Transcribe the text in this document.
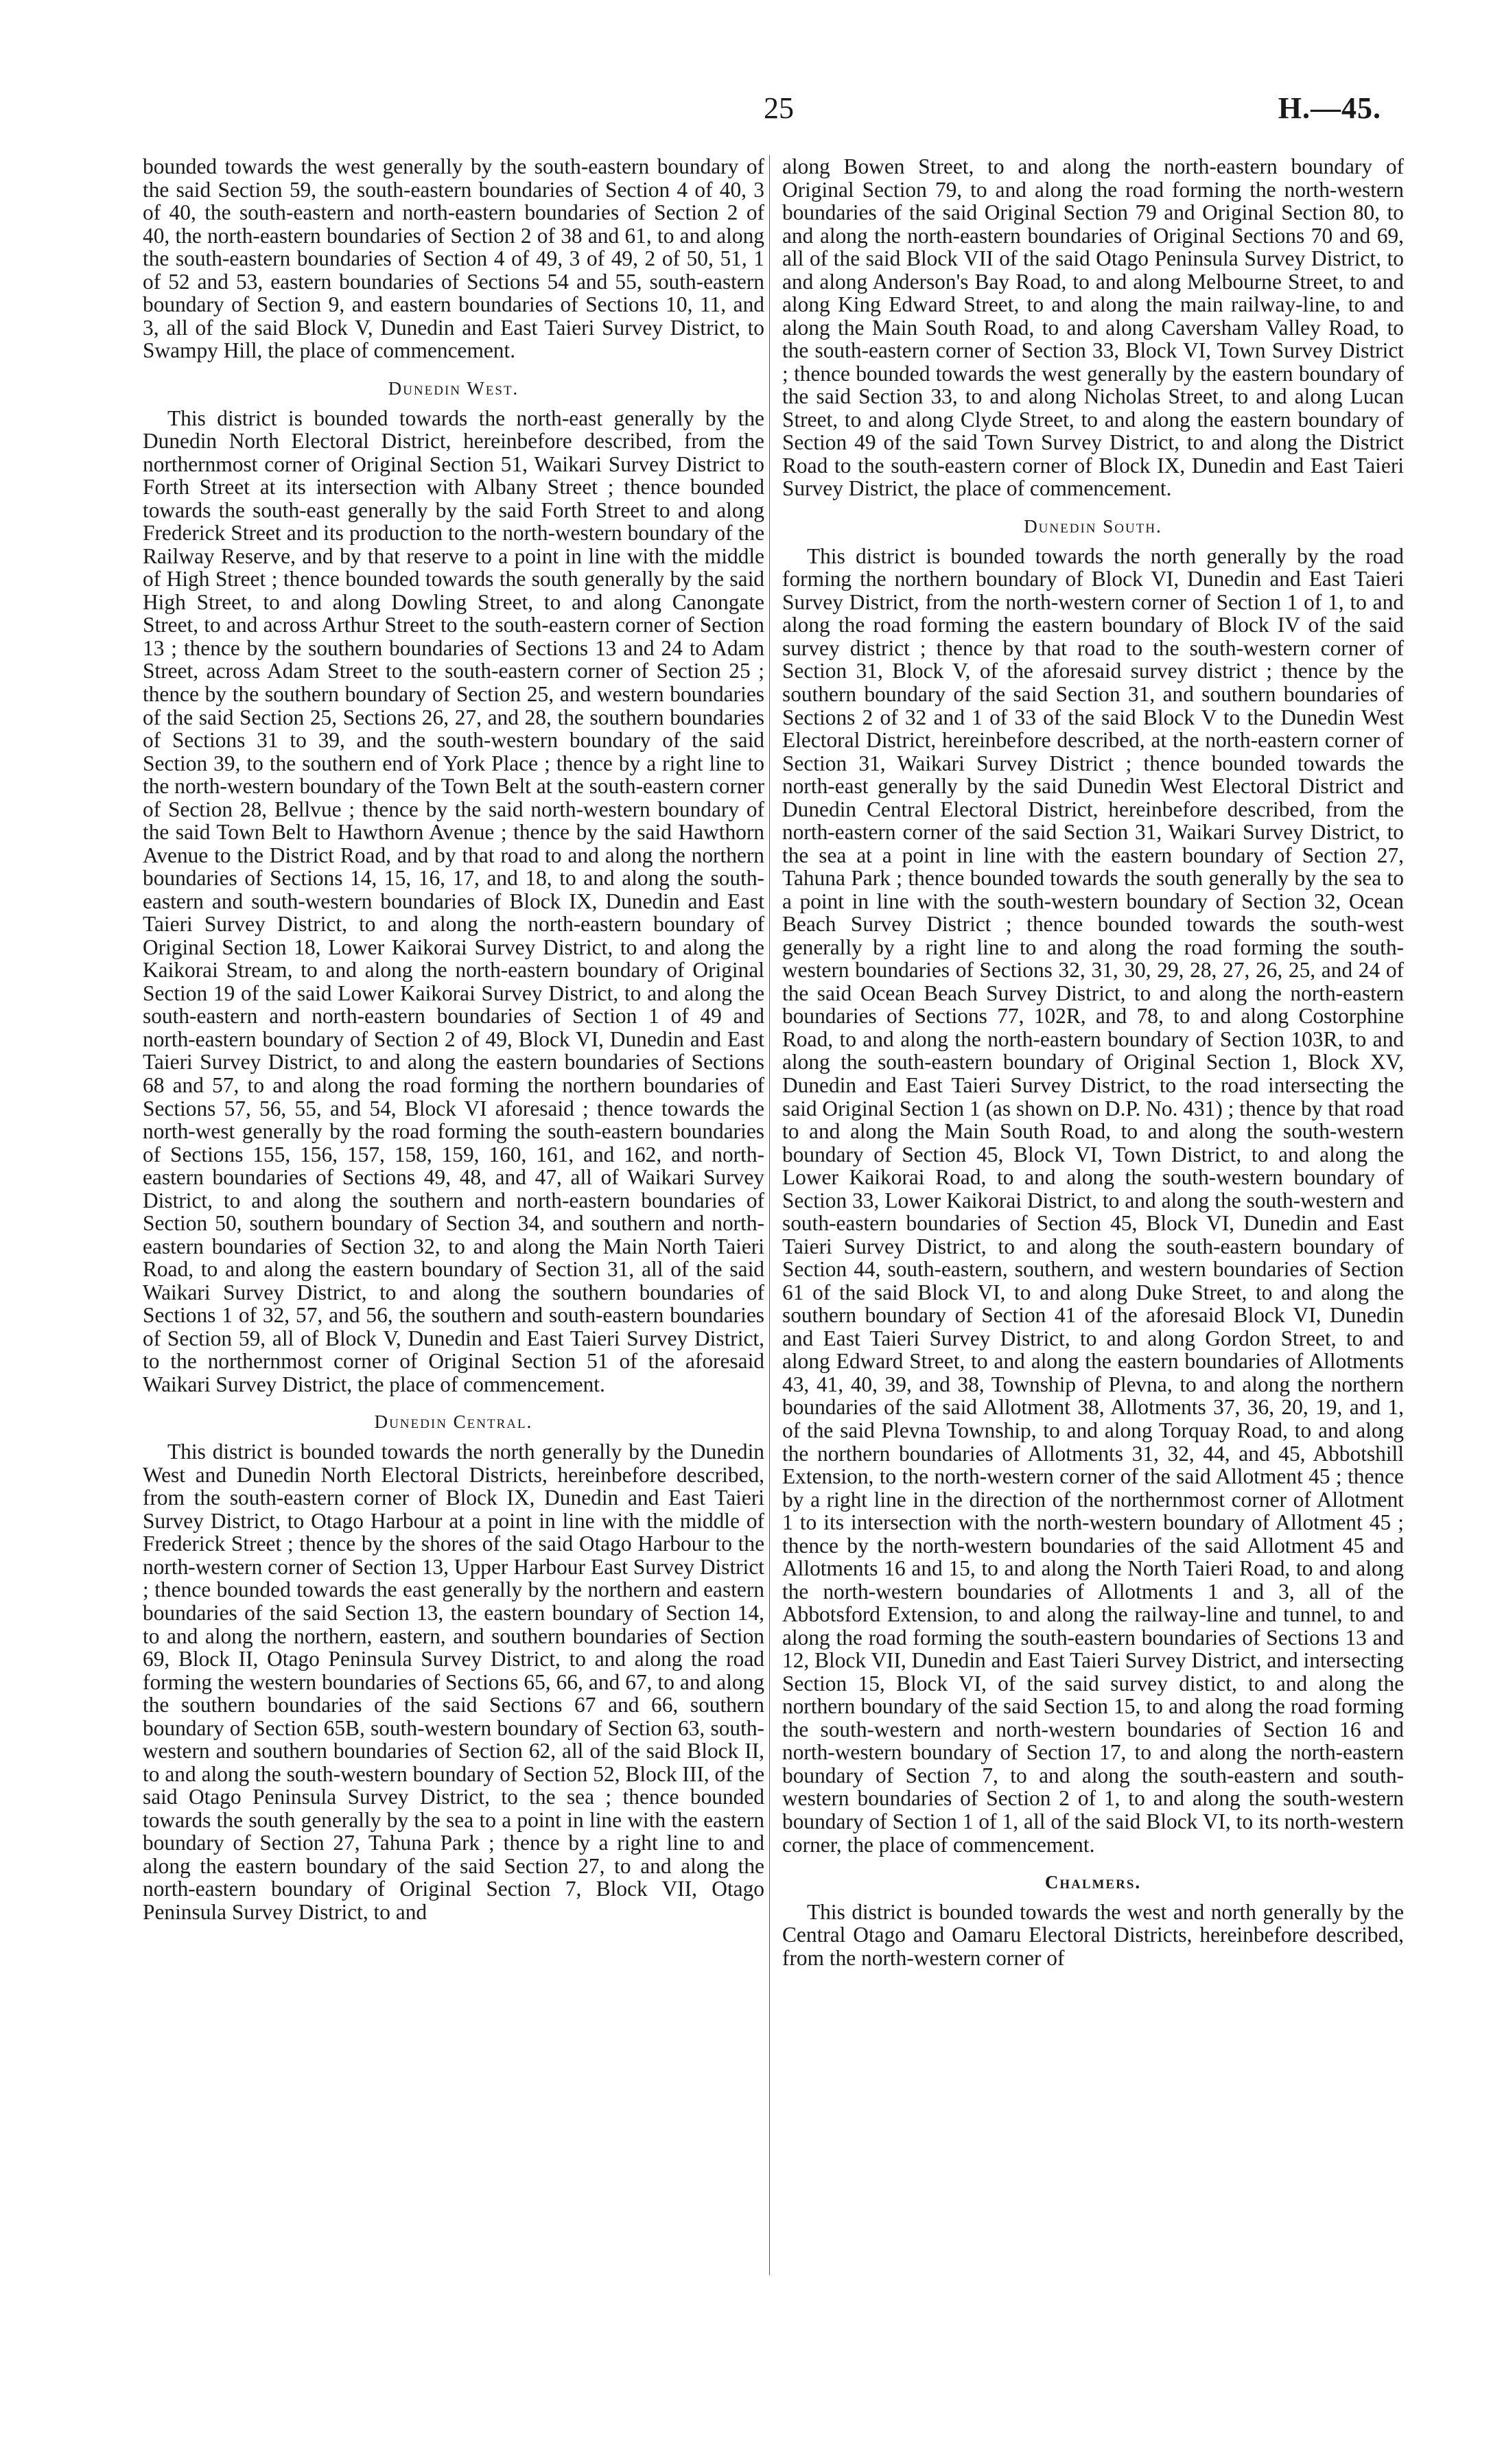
25	H.—45.

bounded towards the west generally by the south-eastern boundary of the said Section 59, the south-eastern boundaries of Section 4 of 40, 3 of 40, the south-eastern and north-eastern boundaries of Section 2 of 40, the north-eastern boundaries of Section 2 of 38 and 61, to and along the south-eastern boundaries of Section 4 of 49, 3 of 49, 2 of 50, 51, 1 of 52 and 53, eastern boundaries of Sections 54 and 55, south-eastern boundary of Section 9, and eastern boundaries of Sections 10, 11, and 3, all of the said Block V, Dunedin and East Taieri Survey District, to Swampy Hill, the place of commencement.

Dunedin West.

This district is bounded towards the north-east generally by the Dunedin North Electoral District, hereinbefore described, from the northernmost corner of Original Section 51, Waikari Survey District to Forth Street at its intersection with Albany Street ; thence bounded towards the south-east generally by the said Forth Street to and along Frederick Street and its production to the north-western boundary of the Railway Reserve, and by that reserve to a point in line with the middle of High Street ; thence bounded towards the south generally by the said High Street, to and along Dowling Street, to and along Canongate Street, to and across Arthur Street to the south-eastern corner of Section 13 ; thence by the southern boundaries of Sections 13 and 24 to Adam Street, across Adam Street to the south-eastern corner of Section 25 ; thence by the southern boundary of Section 25, and western boundaries of the said Section 25, Sections 26, 27, and 28, the southern boundaries of Sections 31 to 39, and the south-western boundary of the said Section 39, to the southern end of York Place ; thence by a right line to the north-western boundary of the Town Belt at the south-eastern corner of Section 28, Bellvue ; thence by the said north-western boundary of the said Town Belt to Hawthorn Avenue ; thence by the said Hawthorn Avenue to the District Road, and by that road to and along the northern boundaries of Sections 14, 15, 16, 17, and 18, to and along the south-eastern and south-western boundaries of Block IX, Dunedin and East Taieri Survey District, to and along the north-eastern boundary of Original Section 18, Lower Kaikorai Survey District, to and along the Kaikorai Stream, to and along the north-eastern boundary of Original Section 19 of the said Lower Kaikorai Survey District, to and along the south-eastern and north-eastern boundaries of Section 1 of 49 and north-eastern boundary of Section 2 of 49, Block VI, Dunedin and East Taieri Survey District, to and along the eastern boundaries of Sections 68 and 57, to and along the road forming the northern boundaries of Sections 57, 56, 55, and 54, Block VI aforesaid ; thence towards the north-west generally by the road forming the south-eastern boundaries of Sections 155, 156, 157, 158, 159, 160, 161, and 162, and north-eastern boundaries of Sections 49, 48, and 47, all of Waikari Survey District, to and along the southern and north-eastern boundaries of Section 50, southern boundary of Section 34, and southern and north-eastern boundaries of Section 32, to and along the Main North Taieri Road, to and along the eastern boundary of Section 31, all of the said Waikari Survey District, to and along the southern boundaries of Sections 1 of 32, 57, and 56, the southern and south-eastern boundaries of Section 59, all of Block V, Dunedin and East Taieri Survey District, to the northernmost corner of Original Section 51 of the aforesaid Waikari Survey District, the place of commencement.

Dunedin Central.

This district is bounded towards the north generally by the Dunedin West and Dunedin North Electoral Districts, hereinbefore described, from the south-eastern corner of Block IX, Dunedin and East Taieri Survey District, to Otago Harbour at a point in line with the middle of Frederick Street ; thence by the shores of the said Otago Harbour to the north-western corner of Section 13, Upper Harbour East Survey District ; thence bounded towards the east generally by the northern and eastern boundaries of the said Section 13, the eastern boundary of Section 14, to and along the northern, eastern, and southern boundaries of Section 69, Block II, Otago Peninsula Survey District, to and along the road forming the western boundaries of Sections 65, 66, and 67, to and along the southern boundaries of the said Sections 67 and 66, southern boundary of Section 65B, south-western boundary of Section 63, south-western and southern boundaries of Section 62, all of the said Block II, to and along the south-western boundary of Section 52, Block III, of the said Otago Peninsula Survey District, to the sea ; thence bounded towards the south generally by the sea to a point in line with the eastern boundary of Section 27, Tahuna Park ; thence by a right line to and along the eastern boundary of the said Section 27, to and along the north-eastern boundary of Original Section 7, Block VII, Otago Peninsula Survey District, to and

along Bowen Street, to and along the north-eastern boundary of Original Section 79, to and along the road forming the north-western boundaries of the said Original Section 79 and Original Section 80, to and along the north-eastern boundaries of Original Sections 70 and 69, all of the said Block VII of the said Otago Peninsula Survey District, to and along Anderson's Bay Road, to and along Melbourne Street, to and along King Edward Street, to and along the main railway-line, to and along the Main South Road, to and along Caversham Valley Road, to the south-eastern corner of Section 33, Block VI, Town Survey District ; thence bounded towards the west generally by the eastern boundary of the said Section 33, to and along Nicholas Street, to and along Lucan Street, to and along Clyde Street, to and along the eastern boundary of Section 49 of the said Town Survey District, to and along the District Road to the south-eastern corner of Block IX, Dunedin and East Taieri Survey District, the place of commencement.

Dunedin South.

This district is bounded towards the north generally by the road forming the northern boundary of Block VI, Dunedin and East Taieri Survey District, from the north-western corner of Section 1 of 1, to and along the road forming the eastern boundary of Block IV of the said survey district ; thence by that road to the south-western corner of Section 31, Block V, of the aforesaid survey district ; thence by the southern boundary of the said Section 31, and southern boundaries of Sections 2 of 32 and 1 of 33 of the said Block V to the Dunedin West Electoral District, hereinbefore described, at the north-eastern corner of Section 31, Waikari Survey District ; thence bounded towards the north-east generally by the said Dunedin West Electoral District and Dunedin Central Electoral District, hereinbefore described, from the north-eastern corner of the said Section 31, Waikari Survey District, to the sea at a point in line with the eastern boundary of Section 27, Tahuna Park ; thence bounded towards the south generally by the sea to a point in line with the south-western boundary of Section 32, Ocean Beach Survey District ; thence bounded towards the south-west generally by a right line to and along the road forming the south-western boundaries of Sections 32, 31, 30, 29, 28, 27, 26, 25, and 24 of the said Ocean Beach Survey District, to and along the north-eastern boundaries of Sections 77, 102R, and 78, to and along Costorphine Road, to and along the north-eastern boundary of Section 103R, to and along the south-eastern boundary of Original Section 1, Block XV, Dunedin and East Taieri Survey District, to the road intersecting the said Original Section 1 (as shown on D.P. No. 431) ; thence by that road to and along the Main South Road, to and along the south-western boundary of Section 45, Block VI, Town District, to and along the Lower Kaikorai Road, to and along the south-western boundary of Section 33, Lower Kaikorai District, to and along the south-western and south-eastern boundaries of Section 45, Block VI, Dunedin and East Taieri Survey District, to and along the south-eastern boundary of Section 44, south-eastern, southern, and western boundaries of Section 61 of the said Block VI, to and along Duke Street, to and along the southern boundary of Section 41 of the aforesaid Block VI, Dunedin and East Taieri Survey District, to and along Gordon Street, to and along Edward Street, to and along the eastern boundaries of Allotments 43, 41, 40, 39, and 38, Township of Plevna, to and along the northern boundaries of the said Allotment 38, Allotments 37, 36, 20, 19, and 1, of the said Plevna Township, to and along Torquay Road, to and along the northern boundaries of Allotments 31, 32, 44, and 45, Abbotshill Extension, to the north-western corner of the said Allotment 45 ; thence by a right line in the direction of the northernmost corner of Allotment 1 to its intersection with the north-western boundary of Allotment 45 ; thence by the north-western boundaries of the said Allotment 45 and Allotments 16 and 15, to and along the North Taieri Road, to and along the north-western boundaries of Allotments 1 and 3, all of the Abbotsford Extension, to and along the railway-line and tunnel, to and along the road forming the south-eastern boundaries of Sections 13 and 12, Block VII, Dunedin and East Taieri Survey District, and intersecting Section 15, Block VI, of the said survey distict, to and along the northern boundary of the said Section 15, to and along the road forming the south-western and north-western boundaries of Section 16 and north-western boundary of Section 17, to and along the north-eastern boundary of Section 7, to and along the south-eastern and south-western boundaries of Section 2 of 1, to and along the south-western boundary of Section 1 of 1, all of the said Block VI, to its north-western corner, the place of commencement.

Chalmers.

This district is bounded towards the west and north generally by the Central Otago and Oamaru Electoral Districts, hereinbefore described, from the north-western corner of
